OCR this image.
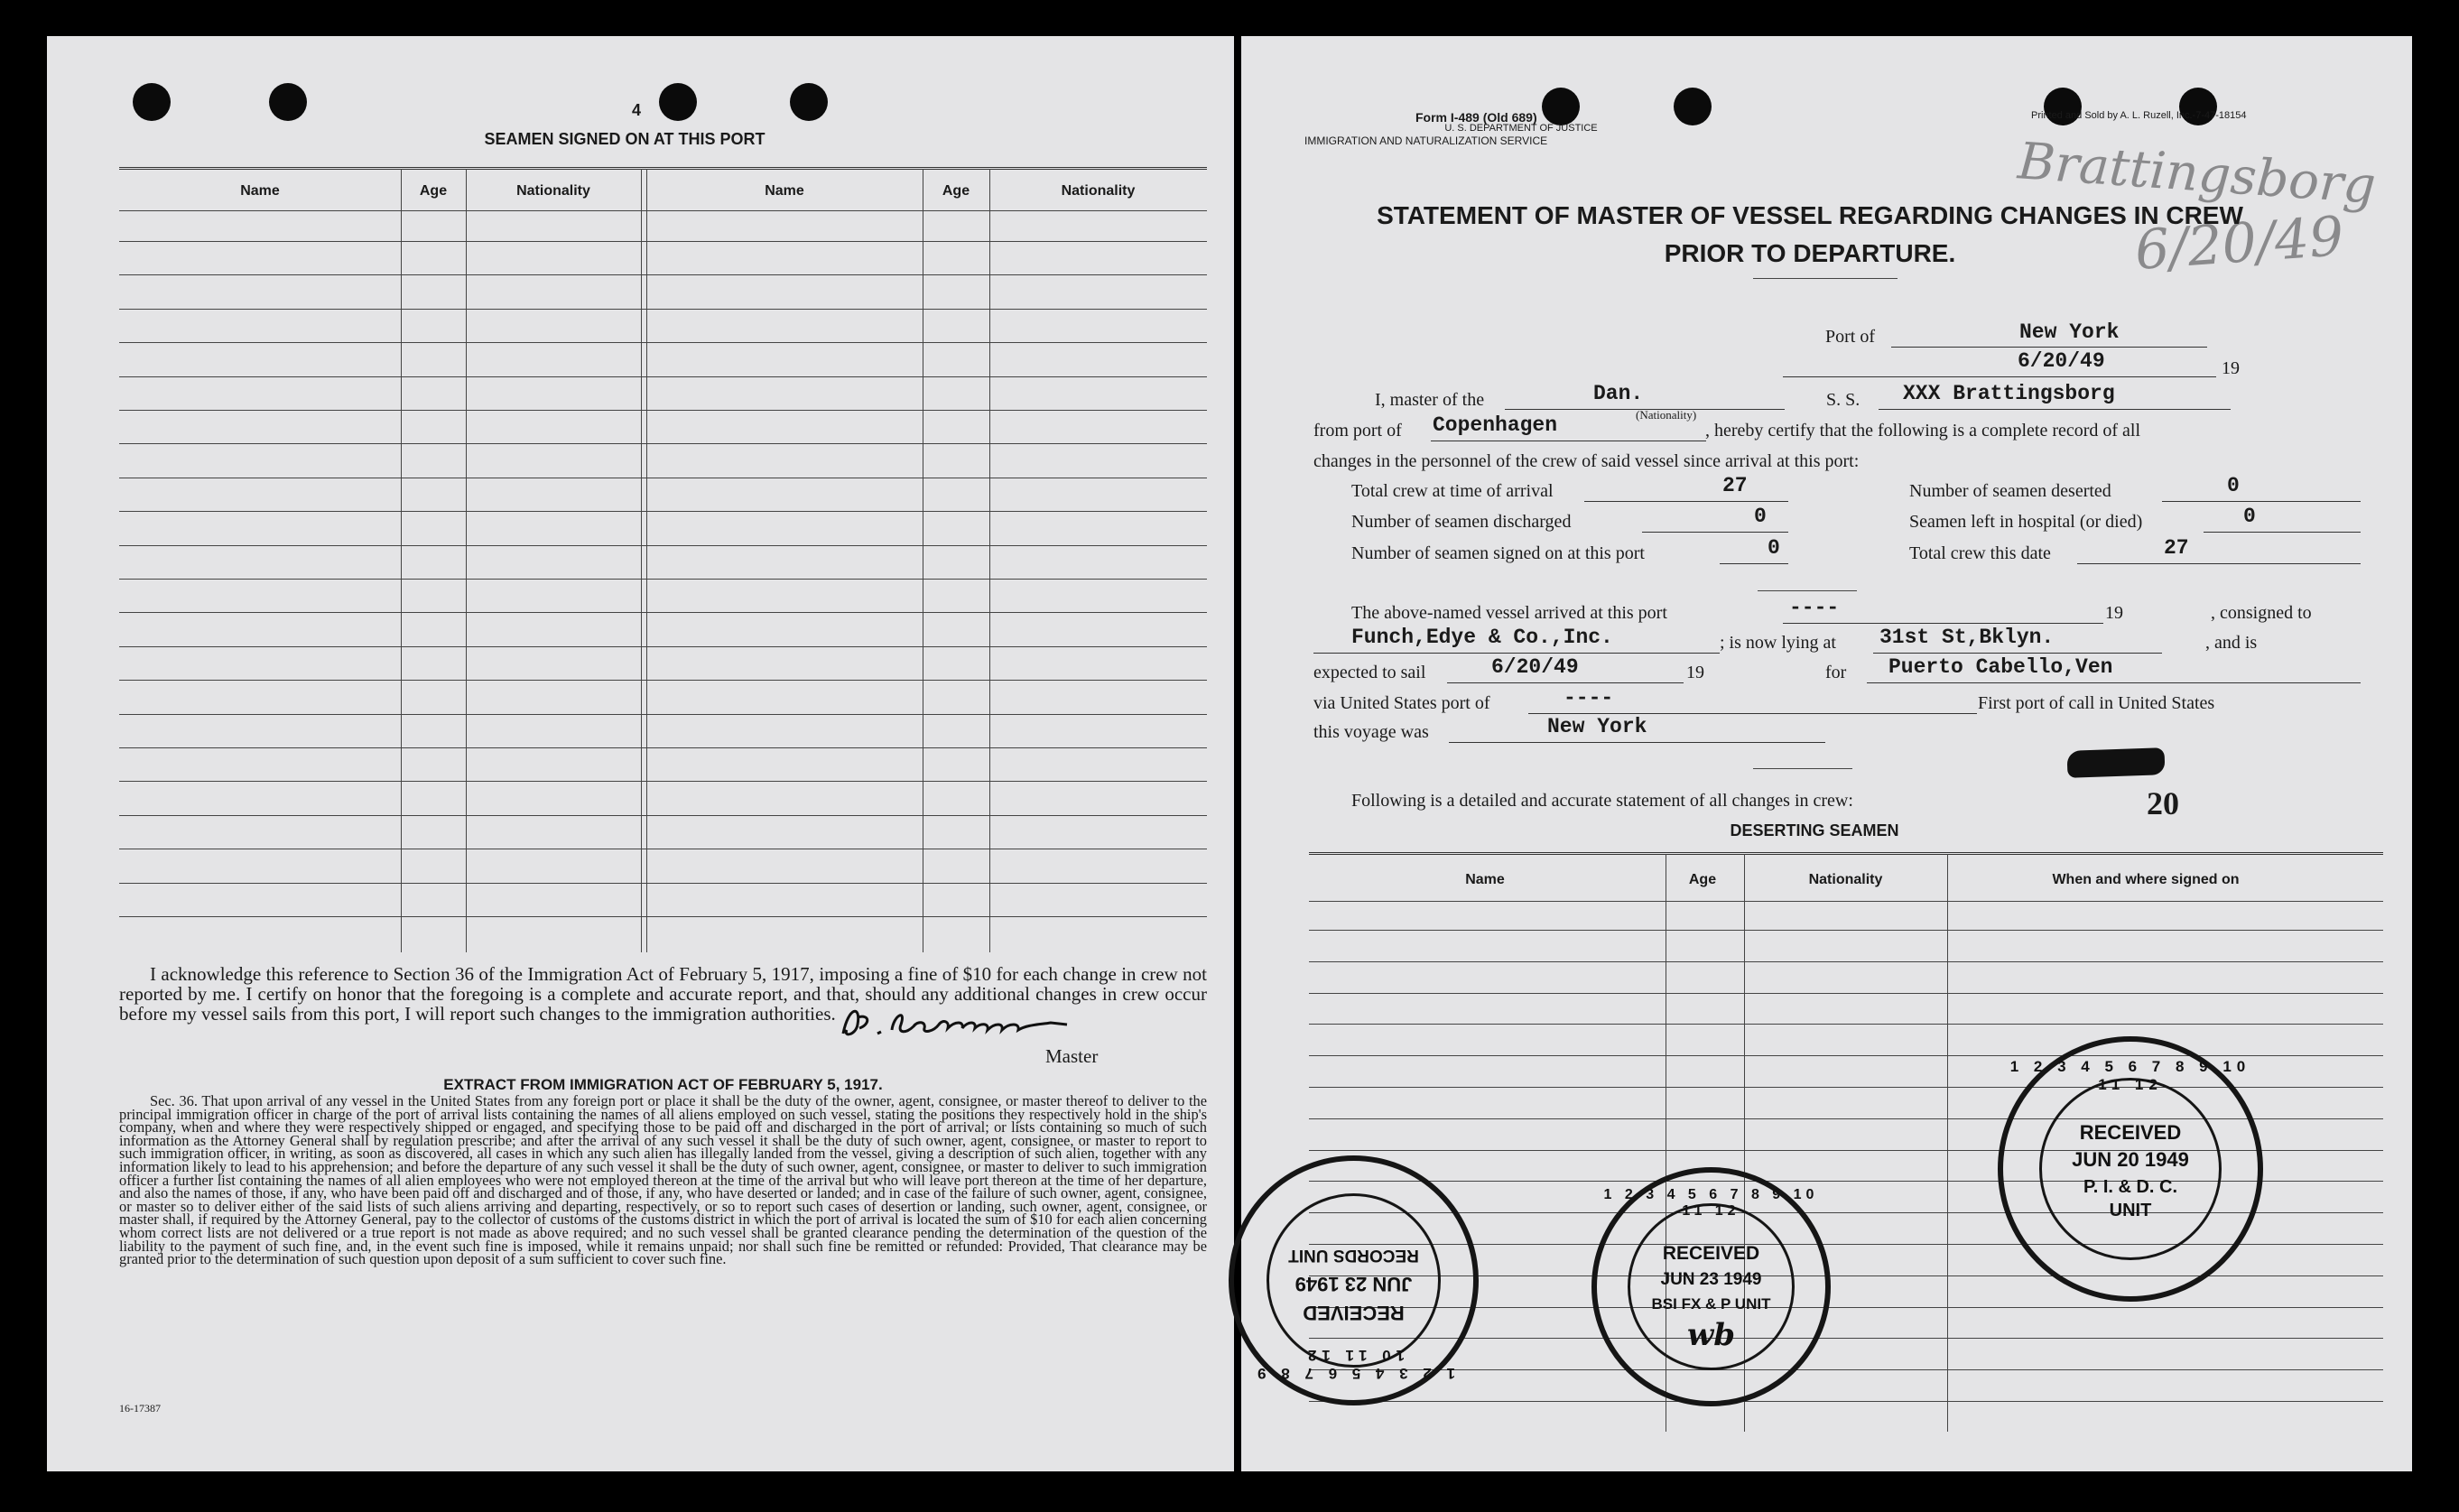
4
SEAMEN SIGNED ON AT THIS PORT
Name	Age	Nationality	Name	Age	Nationality
I acknowledge this reference to Section 36 of the Immigration Act of February 5, 1917, imposing a fine of $10 for each change in crew not reported by me. I certify on honor that the foregoing is a complete and accurate report, and that, should any additional changes in crew occur before my vessel sails from this port, I will report such changes to the immigration authorities.
Master
EXTRACT FROM IMMIGRATION ACT OF FEBRUARY 5, 1917.
Sec. 36. That upon arrival of any vessel in the United States from any foreign port or place it shall be the duty of the owner, agent, consignee, or master thereof to deliver to the principal immigration officer in charge of the port of arrival lists containing the names of all aliens employed on such vessel, stating the positions they respectively hold in the ship's company, when and where they were respectively shipped or engaged, and specifying those to be paid off and discharged in the port of arrival; or lists containing so much of such information as the Attorney General shall by regulation prescribe; and after the arrival of any such vessel it shall be the duty of such owner, agent, consignee, or master to report to such immigration officer, in writing, as soon as discovered, all cases in which any such alien has illegally landed from the vessel, giving a description of such alien, together with any information likely to lead to his apprehension; and before the departure of any such vessel it shall be the duty of such owner, agent, consignee, or master to deliver to such immigration officer a further list containing the names of all alien employees who were not employed thereon at the time of the arrival but who will leave port thereon at the time of her departure, and also the names of those, if any, who have been paid off and discharged and of those, if any, who have deserted or landed; and in case of the failure of such owner, agent, consignee, or master so to deliver either of the said lists of such aliens arriving and departing, respectively, or so to report such cases of desertion or landing, such owner, agent, consignee, or master shall, if required by the Attorney General, pay to the collector of customs of the customs district in which the port of arrival is located the sum of $10 for each alien concerning whom correct lists are not delivered or a true report is not made as above required; and no such vessel shall be granted clearance pending the determination of the question of the liability to the payment of such fine, and, in the event such fine is imposed, while it remains unpaid; nor shall such fine be remitted or refunded: Provided, That clearance may be granted prior to the determination of such question upon deposit of a sum sufficient to cover such fine.
16-17387
Form I-489 (Old 689)
U. S. DEPARTMENT OF JUSTICE
IMMIGRATION AND NATURALIZATION SERVICE
Printed and Sold by A. L. Ruzell, Inc.-7-47-18154
Brattingsborg
6/20/49
STATEMENT OF MASTER OF VESSEL REGARDING CHANGES IN CREW
PRIOR TO DEPARTURE.
Port of	New York
6/20/49	19
I, master of the	Dan.
(Nationality)
S. S. XXX Brattingsborg
from port of Copenhagen	, hereby certify that the following is a complete record of all
changes in the personnel of the crew of said vessel since arrival at this port:
Total crew at time of arrival	27	Number of seamen deserted	0
Number of seamen discharged	0	Seamen left in hospital (or died)	0
Number of seamen signed on at this port	0	Total crew this date	27
The above-named vessel arrived at this port	----	19	, consigned to
Funch,Edye & Co.,Inc.	; is now lying at 31st St,Bklyn.	, and is
expected to sail	6/20/49	19	for Puerto Cabello,Ven
via United States port of	----	First port of call in United States
this voyage was	New York
Following is a detailed and accurate statement of all changes in crew:	20
DESERTING SEAMEN
Name	Age	Nationality	When and where signed on
1 2 3 4 5 6 7 8 9 10 11 12
RECEIVED
JUN 23 1949
RECORDS UNIT
1 2 3 4 5 6 7 8 9 10 11 12
RECEIVED
JUN 23 1949
BSI FX & P UNIT
wb
1 2 3 4 5 6 7 8 9 10 11 12
RECEIVED
JUN 20 1949
P. I. & D. C.
UNIT
